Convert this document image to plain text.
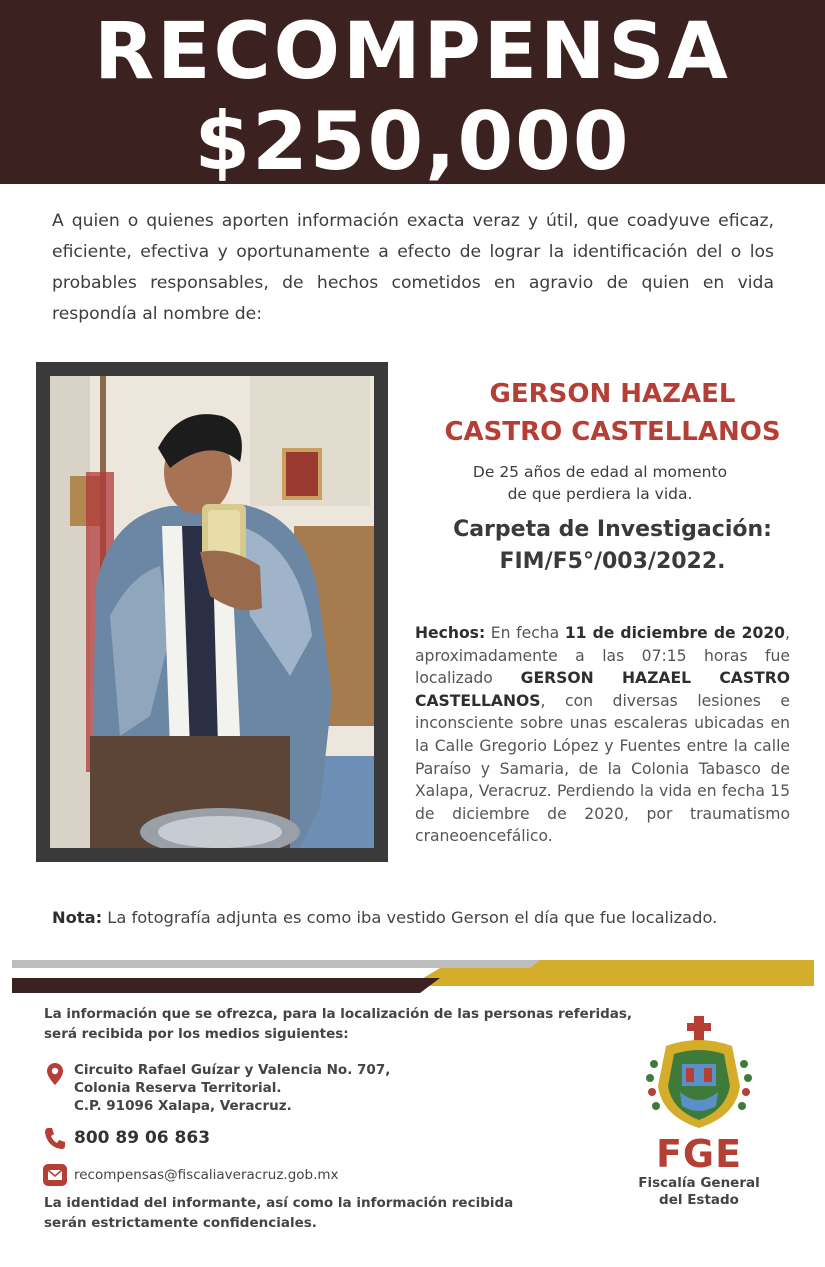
RECOMPENSA
$250,000

A quien o quienes aporten información exacta veraz y útil, que coadyuve eficaz, eficiente, efectiva y oportunamente a efecto de lograr la identificación del o los probables responsables, de hechos cometidos en agravio de quien en vida respondía al nombre de:

GERSON HAZAEL
CASTRO CASTELLANOS
De 25 años de edad al momento
de que perdiera la vida.
Carpeta de Investigación:
FIM/F5°/003/2022.

Hechos: En fecha 11 de diciembre de 2020, aproximadamente a las 07:15 horas fue localizado GERSON HAZAEL CASTRO CASTELLANOS, con diversas lesiones e inconsciente sobre unas escaleras ubicadas en la Calle Gregorio López y Fuentes entre la calle Paraíso y Samaria, de la Colonia Tabasco de Xalapa, Veracruz. Perdiendo la vida en fecha 15 de diciembre de 2020, por traumatismo craneoencefálico.

Nota: La fotografía adjunta es como iba vestido Gerson el día que fue localizado.

La información que se ofrezca, para la localización de las personas referidas,
será recibida por los medios siguientes:
Circuito Rafael Guízar y Valencia No. 707,
Colonia Reserva Territorial.
C.P. 91096 Xalapa, Veracruz.
800 89 06 863
recompensas@fiscaliaveracruz.gob.mx
La identidad del informante, así como la información recibida
serán estrictamente confidenciales.
FGE
Fiscalía General
del Estado
